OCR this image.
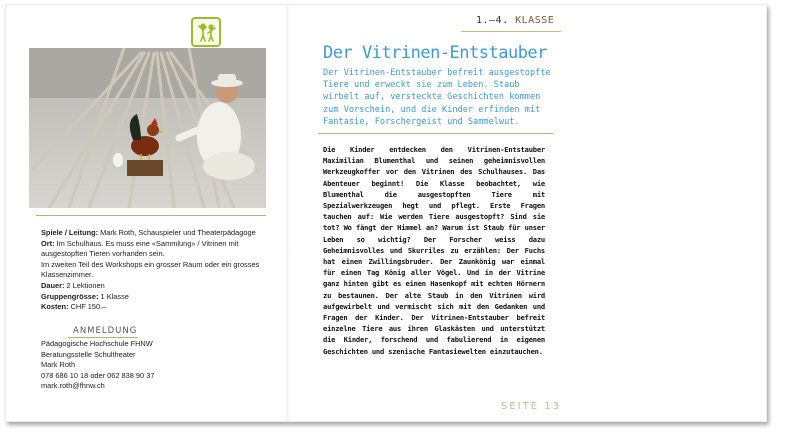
Spiele / Leitung: Mark Roth, Schauspieler und Theaterpädagoge
Ort: Im Schulhaus. Es muss eine «Sammlung» / Vitrinen mit ausgestopften Tieren vorhanden sein.
Im zweiten Teil des Workshops ein grosser Raum oder ein grosses Klassenzimmer.
Dauer: 2 Lektionen
Gruppengrösse: 1 Klasse
Kosten: CHF 150.–
ANMELDUNG
Pädagogische Hochschule FHNW
Beratungsstelle Schultheater
Mark Roth
078 686 10 18 oder 062 838 90 37
mark.roth@fhnw.ch
1.–4. KLASSE
Der Vitrinen-Entstauber
Der Vitrinen-Entstauber befreit ausgestopfte Tiere und erweckt sie zum Leben. Staub wirbelt auf, versteckte Geschichten kommen zum Vorschein, und die Kinder erfinden mit Fantasie, Forschergeist und Sammelwut.
Die Kinder entdecken den Vitrinen-Entstauber Maximilian Blumenthal und seinen geheimnisvollen Werkzeugkoffer vor den Vitrinen des Schulhauses. Das Abenteuer beginnt! Die Klasse beobachtet, wie Blumenthal die ausgestopften Tiere mit Spezialwerkzeugen hegt und pflegt. Erste Fragen tauchen auf: Wie werden Tiere ausgestopft? Sind sie tot? Wo fängt der Himmel an? Warum ist Staub für unser Leben so wichtig? Der Forscher weiss dazu Geheimnisvolles und Skurriles zu erzählen: Der Fuchs hat einen Zwillingsbruder. Der Zaunkönig war einmal für einen Tag König aller Vögel. Und in der Vitrine ganz hinten gibt es einen Hasenkopf mit echten Hörnern zu bestaunen. Der alte Staub in den Vitrinen wird aufgewirbelt und vermischt sich mit den Gedanken und Fragen der Kinder. Der Vitrinen-Entstauber befreit einzelne Tiere aus ihren Glaskästen und unterstützt die Kinder, forschend und fabulierend in eigenen Geschichten und szenische Fantasiewelten einzutauchen.
SEITE 13
